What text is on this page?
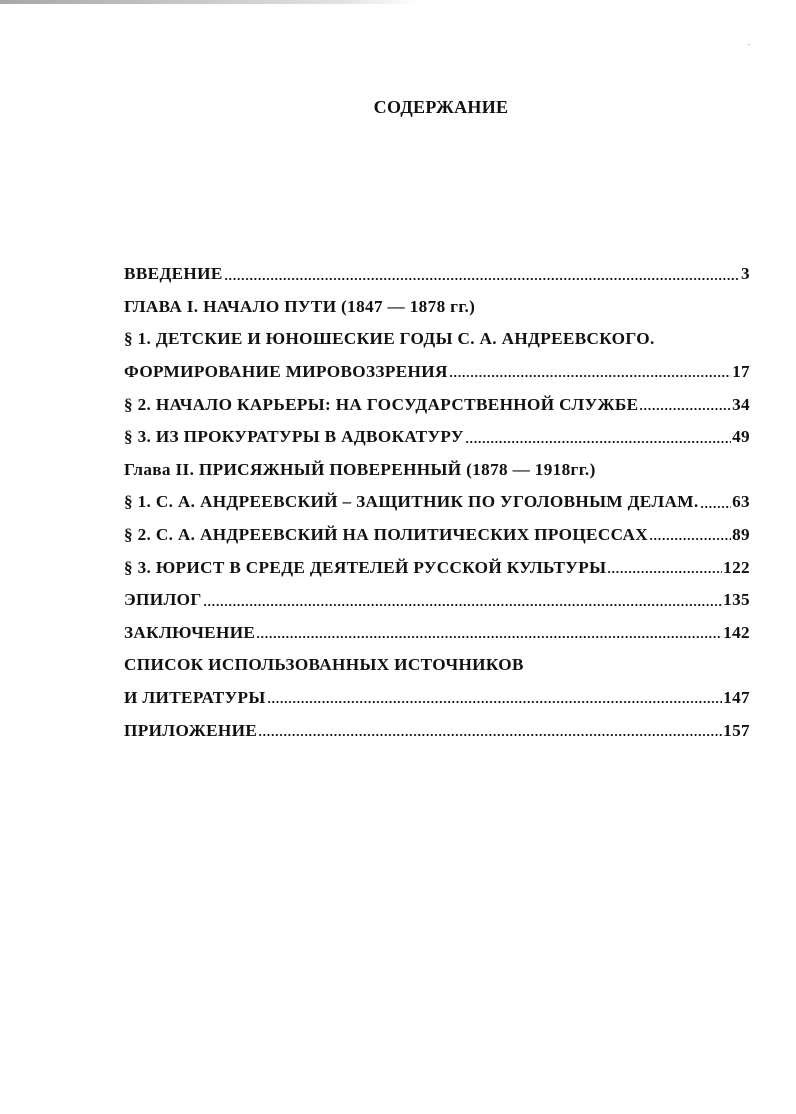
СОДЕРЖАНИЕ
ВВЕДЕНИЕ	3
ГЛАВА I. НАЧАЛО ПУТИ (1847 — 1878 гг.)
§ 1. ДЕТСКИЕ И ЮНОШЕСКИЕ ГОДЫ С. А. АНДРЕЕВСКОГО.
ФОРМИРОВАНИЕ МИРОВОЗЗРЕНИЯ	17
§ 2. НАЧАЛО КАРЬЕРЫ: НА ГОСУДАРСТВЕННОЙ СЛУЖБЕ	34
§ 3. ИЗ ПРОКУРАТУРЫ В АДВОКАТУРУ	49
Глава II. ПРИСЯЖНЫЙ ПОВЕРЕННЫЙ (1878 — 1918гг.)
§ 1. С. А. АНДРЕЕВСКИЙ – ЗАЩИТНИК ПО УГОЛОВНЫМ ДЕЛАМ. 63
§ 2. С. А. АНДРЕЕВСКИЙ НА ПОЛИТИЧЕСКИХ ПРОЦЕССАХ	89
§ 3. ЮРИСТ В СРЕДЕ ДЕЯТЕЛЕЙ РУССКОЙ КУЛЬТУРЫ	122
ЭПИЛОГ	135
ЗАКЛЮЧЕНИЕ	142
СПИСОК ИСПОЛЬЗОВАННЫХ ИСТОЧНИКОВ
И ЛИТЕРАТУРЫ	147
ПРИЛОЖЕНИЕ	157
